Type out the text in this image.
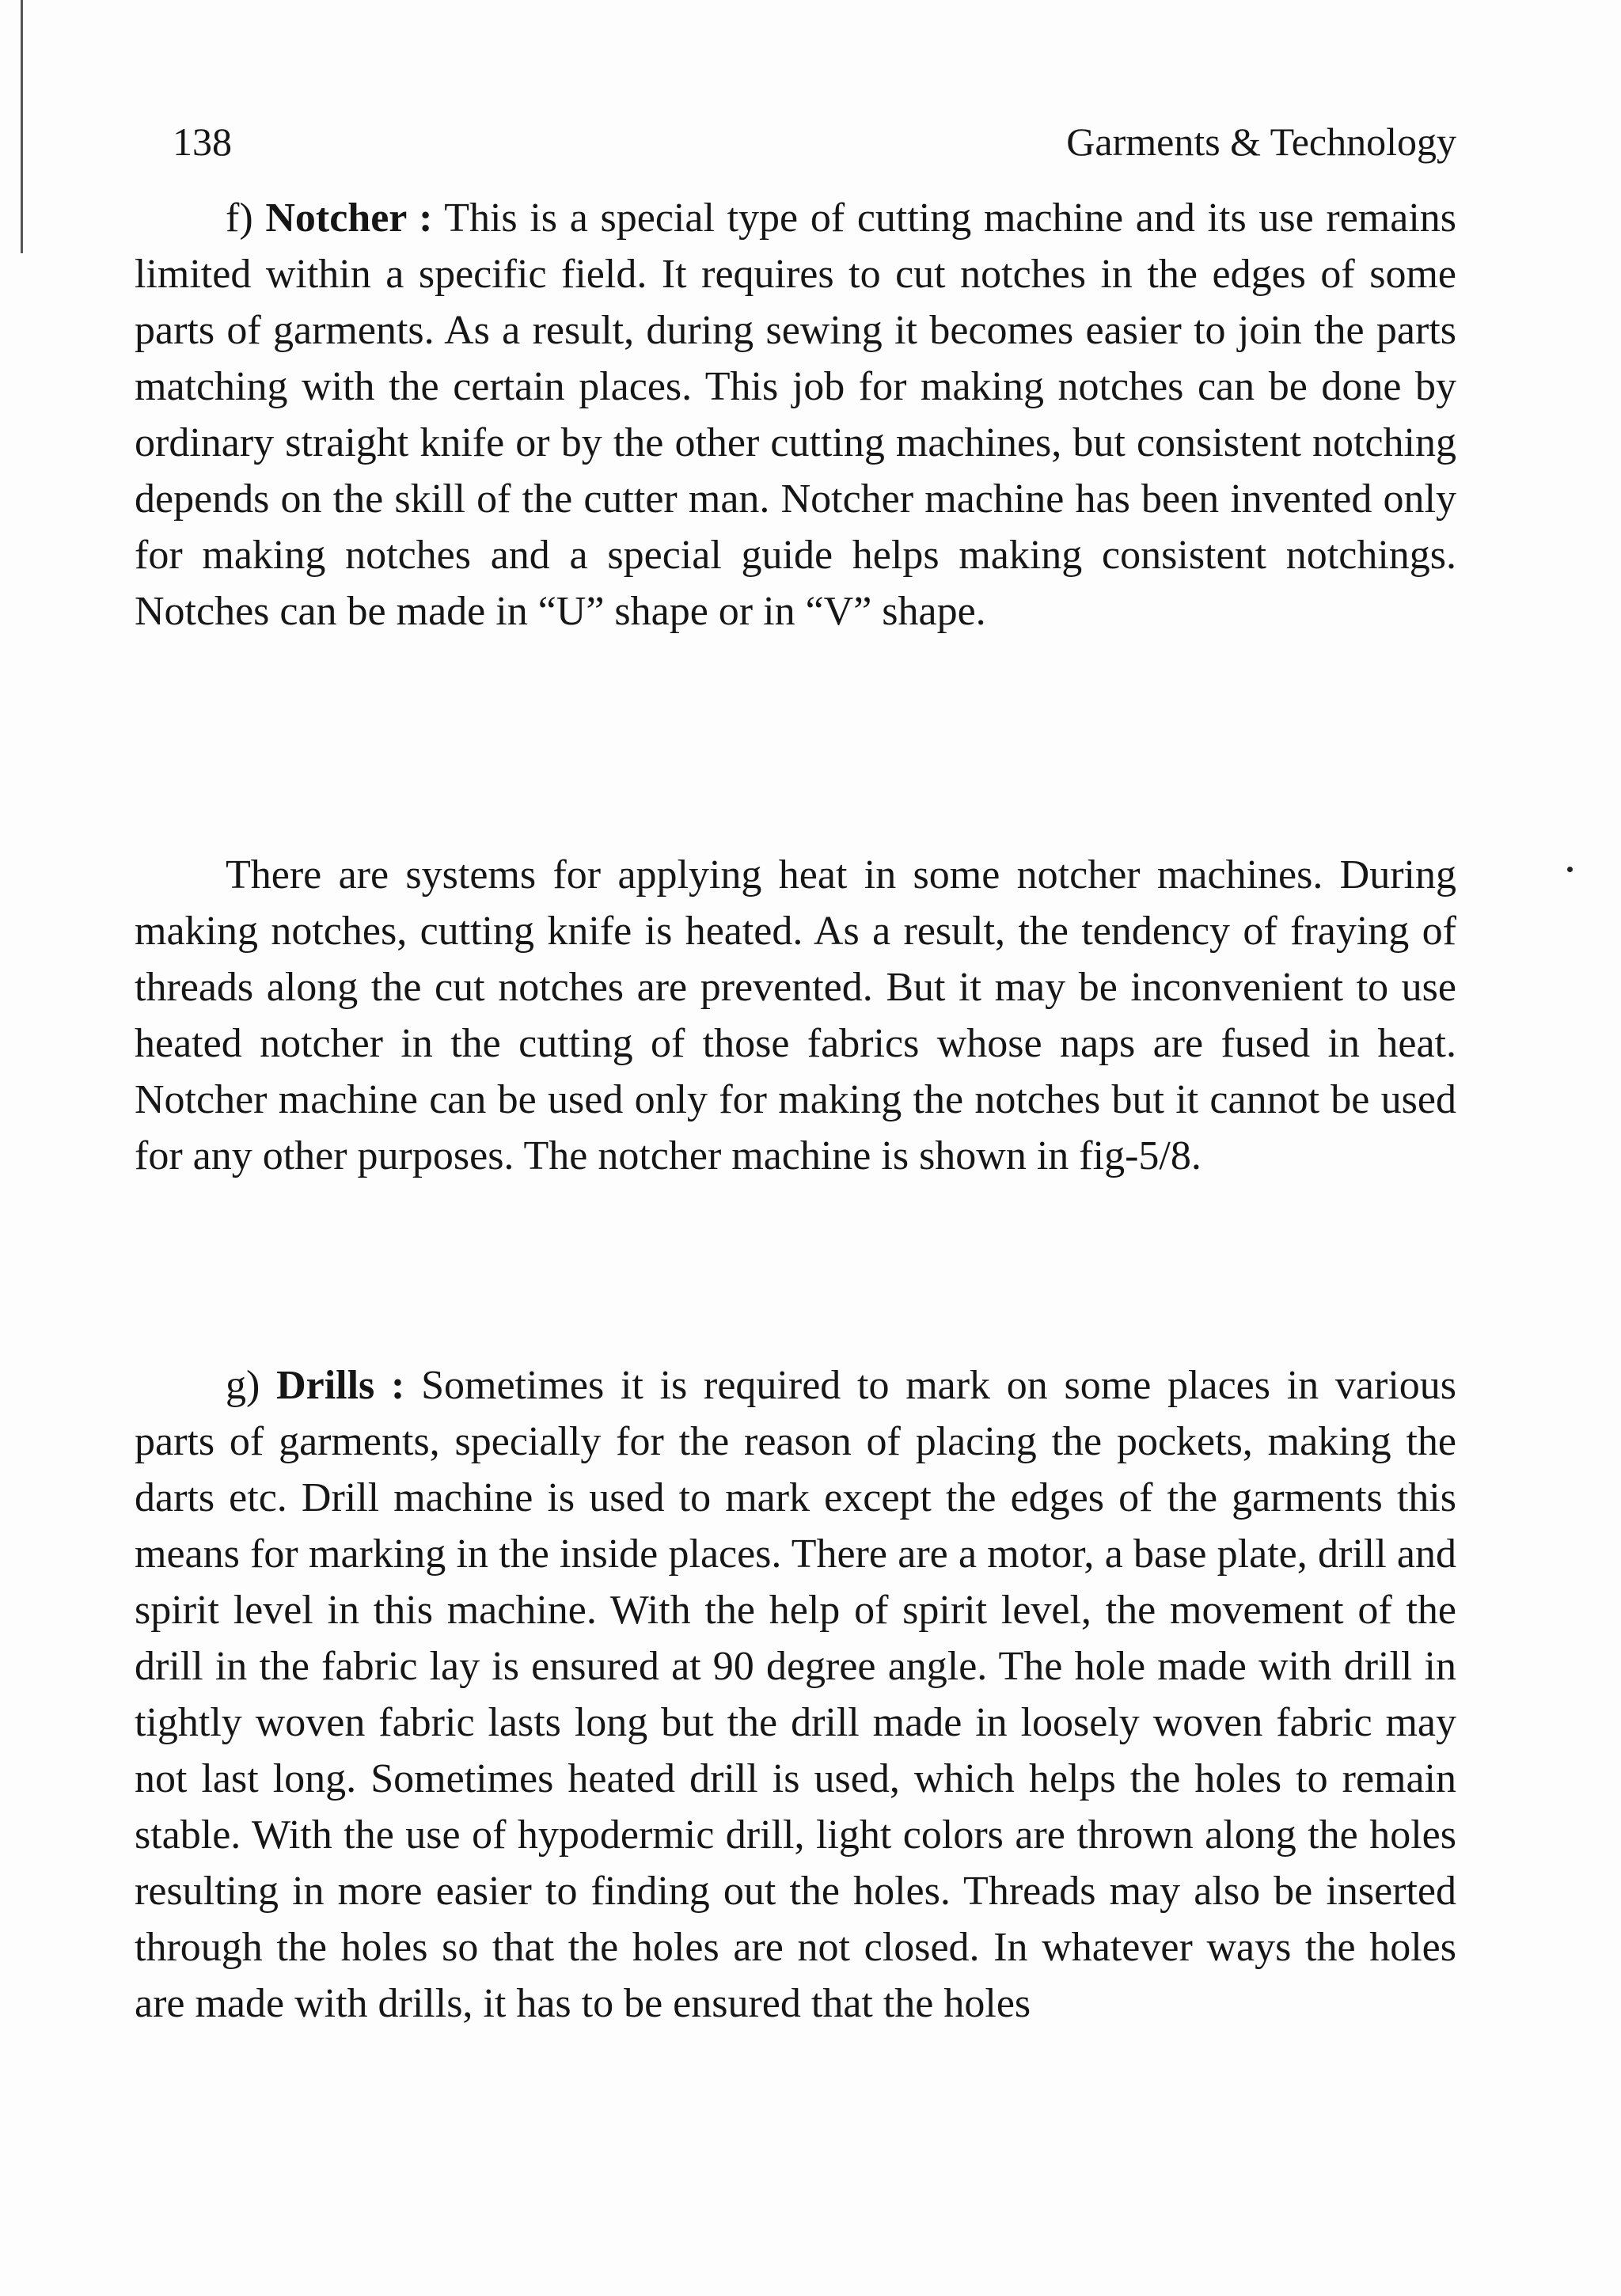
138	Garments & Technology

f) Notcher : This is a special type of cutting machine and its use remains limited within a specific field. It requires to cut notches in the edges of some parts of garments. As a result, during sewing it becomes easier to join the parts matching with the certain places. This job for making notches can be done by ordinary straight knife or by the other cutting machines, but consistent notching depends on the skill of the cutter man. Notcher machine has been invented only for making notches and a special guide helps making consistent notchings. Notches can be made in “U” shape or in “V” shape.

There are systems for applying heat in some notcher machines. During making notches, cutting knife is heated. As a result, the tendency of fraying of threads along the cut notches are prevented. But it may be inconvenient to use heated notcher in the cutting of those fabrics whose naps are fused in heat. Notcher machine can be used only for making the notches but it cannot be used for any other purposes. The notcher machine is shown in fig-5/8.

g) Drills : Sometimes it is required to mark on some places in various parts of garments, specially for the reason of placing the pockets, making the darts etc. Drill machine is used to mark except the edges of the garments this means for marking in the inside places. There are a motor, a base plate, drill and spirit level in this machine. With the help of spirit level, the movement of the drill in the fabric lay is ensured at 90 degree angle. The hole made with drill in tightly woven fabric lasts long but the drill made in loosely woven fabric may not last long. Sometimes heated drill is used, which helps the holes to remain stable. With the use of hypodermic drill, light colors are thrown along the holes resulting in more easier to finding out the holes. Threads may also be inserted through the holes so that the holes are not closed. In whatever ways the holes are made with drills, it has to be ensured that the holes
